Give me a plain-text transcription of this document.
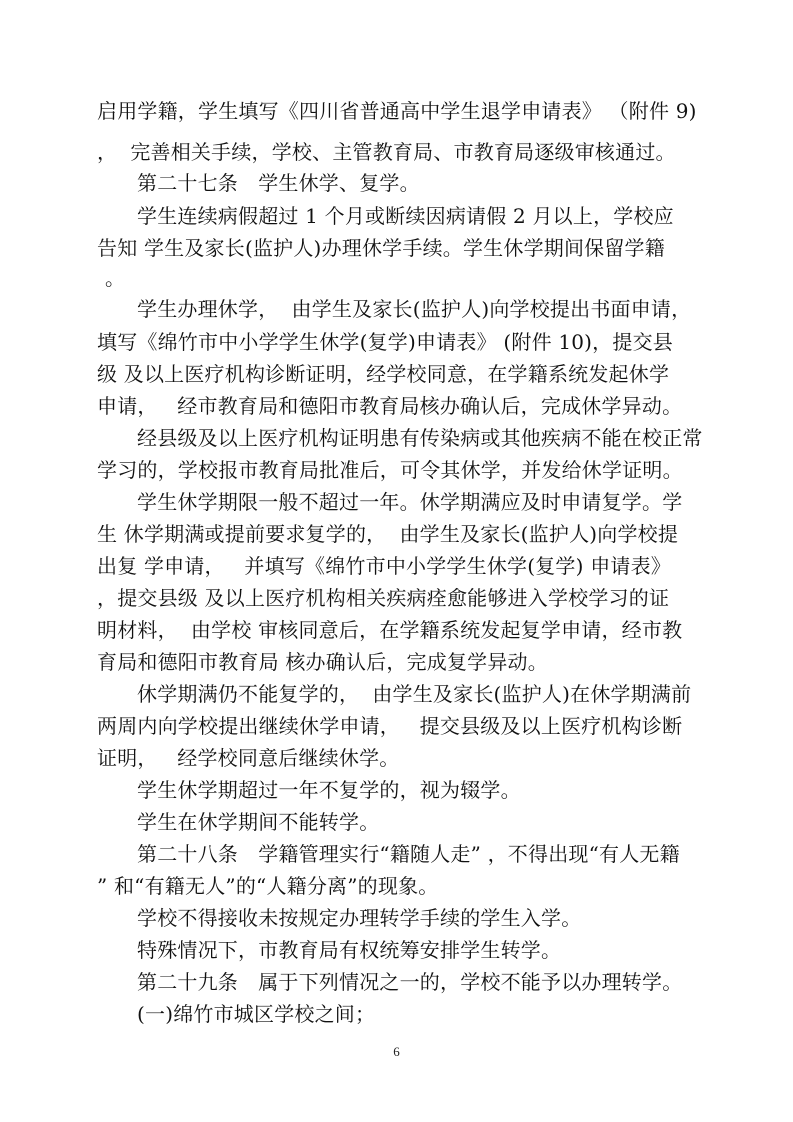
启用学籍，学生填写《四川省普通高中学生退学申请表》 （附件 9)
，  完善相关手续，学校、主管教育局、市教育局逐级审核通过。
第二十七条　学生休学、复学。
学生连续病假超过 1 个月或断续因病请假 2 月以上，学校应
告知 学生及家长(监护人)办理休学手续。学生休学期间保留学籍
。
学生办理休学，  由学生及家长(监护人)向学校提出书面申请，
填写《绵竹市中小学学生休学(复学)申请表》 (附件 10)，提交县
级 及以上医疗机构诊断证明，经学校同意，在学籍系统发起休学
申请，   经市教育局和德阳市教育局核办确认后，完成休学异动。
经县级及以上医疗机构证明患有传染病或其他疾病不能在校正常
学习的，学校报市教育局批准后，可令其休学，并发给休学证明。
学生休学期限一般不超过一年。休学期满应及时申请复学。学
生 休学期满或提前要求复学的，  由学生及家长(监护人)向学校提
出复 学申请，   并填写《绵竹市中小学学生休学(复学) 申请表》
，提交县级 及以上医疗机构相关疾病痊愈能够进入学校学习的证
明材料，  由学校 审核同意后，在学籍系统发起复学申请，经市教
育局和德阳市教育局 核办确认后，完成复学异动。
休学期满仍不能复学的，  由学生及家长(监护人)在休学期满前
两周内向学校提出继续休学申请，   提交县级及以上医疗机构诊断
证明，   经学校同意后继续休学。
学生休学期超过一年不复学的，视为辍学。
学生在休学期间不能转学。
第二十八条　学籍管理实行“籍随人走” ，不得出现“有人无籍
” 和“有籍无人”的“人籍分离”的现象。
学校不得接收未按规定办理转学手续的学生入学。
特殊情况下，市教育局有权统筹安排学生转学。
第二十九条　属于下列情况之一的，学校不能予以办理转学。
(一)绵竹市城区学校之间；
6
